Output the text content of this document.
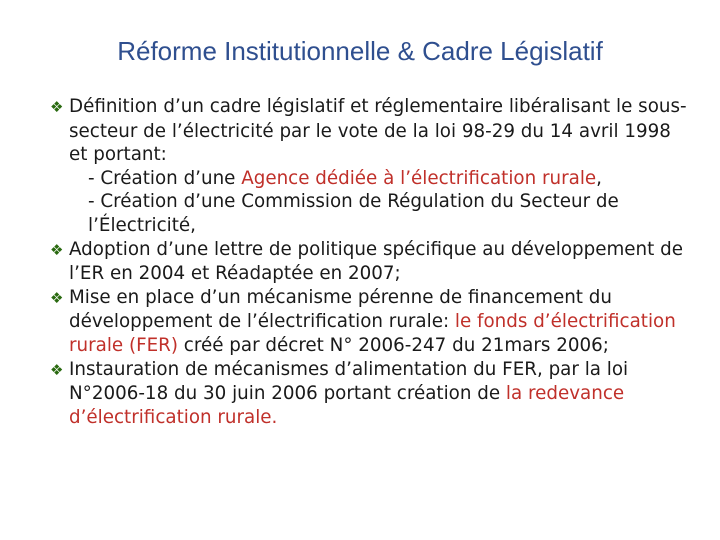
Réforme Institutionnelle & Cadre Législatif

❖ Définition d’un cadre législatif et réglementaire libéralisant le sous-secteur de l’électricité par le vote de la loi 98-29 du 14 avril 1998 et portant:
- Création d’une Agence dédiée à l’électrification rurale,
- Création d’une Commission de Régulation du Secteur de l’Électricité,

❖ Adoption d’une lettre de politique spécifique au développement de l’ER en 2004 et Réadaptée en 2007;

❖ Mise en place d’un mécanisme pérenne de financement du développement de l’électrification rurale: le fonds d’électrification rurale (FER) créé par décret N° 2006-247 du 21mars 2006;

❖ Instauration de mécanismes d’alimentation du FER, par la loi N°2006-18 du 30 juin 2006 portant création de la redevance d’électrification rurale.
